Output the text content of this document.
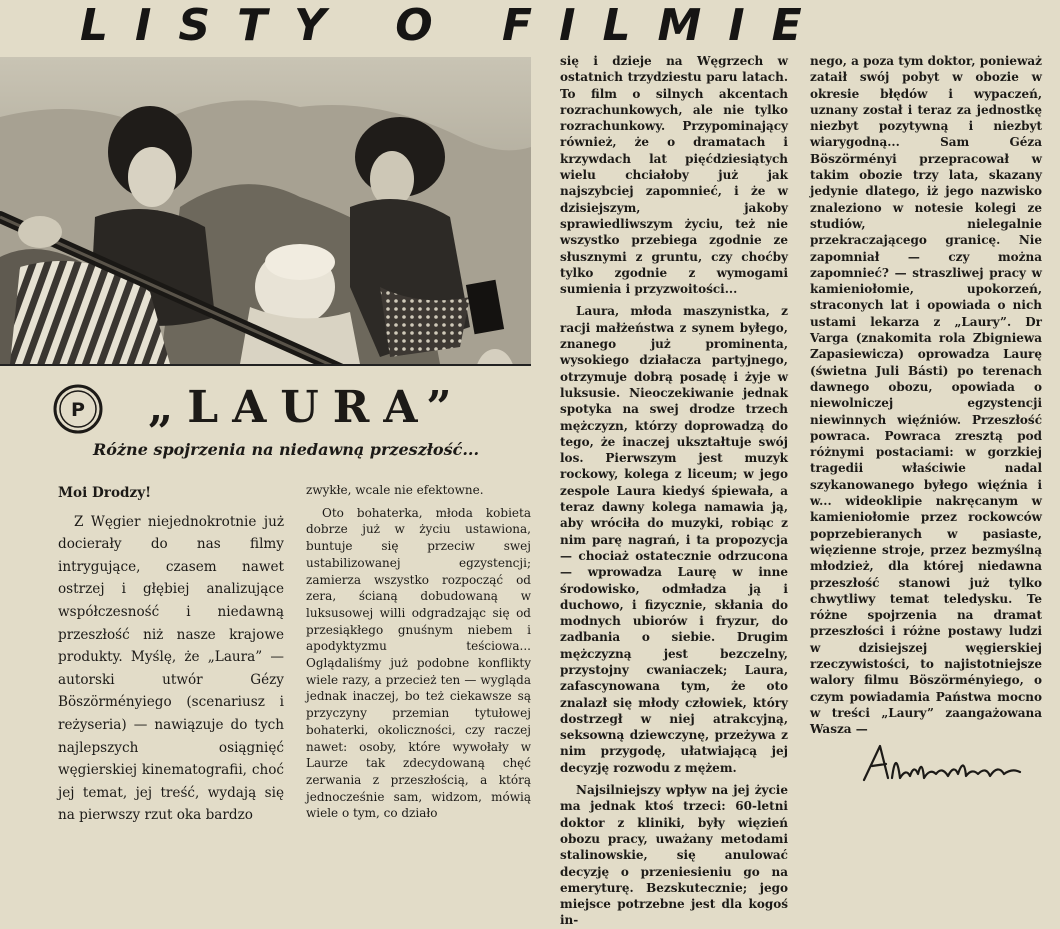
LISTY O FILMIE
P „LAURA”
Różne spojrzenia na niedawną przeszłość...

Moi Drodzy!

Z Węgier niejednokrotnie już docierały do nas filmy intrygujące, czasem nawet ostrzej i głębiej analizujące współczesność i niedawną przeszłość niż nasze krajowe produkty. Myślę, że „Laura” — autorski utwór Gézy Böszörményiego (scenariusz i reżyseria) — nawiązuje do tych najlepszych osiągnięć węgierskiej kinematografii, choć jej temat, jej treść, wydają się na pierwszy rzut oka bardzo

zwykłe, wcale nie efektowne.

Oto bohaterka, młoda kobieta dobrze już w życiu ustawiona, buntuje się przeciw swej ustabilizowanej egzystencji; zamierza wszystko rozpocząć od zera, ścianą dobudowaną w luksusowej willi odgradzając się od przesiąkłego gnuśnym niebem i apodyktyzmu teściowa... Oglądaliśmy już podobne konflikty wiele razy, a przecież ten — wygląda jednak inaczej, bo też ciekawsze są przyczyny przemian tytułowej bohaterki, okoliczności, czy raczej nawet: osoby, które wywołały w Laurze tak zdecydowaną chęć zerwania z przeszłością, a którą jednocześnie sam, widzom, mówią wiele o tym, co działo

się i dzieje na Węgrzech w ostatnich trzydziestu paru latach. To film o silnych akcentach rozrachunkowych, ale nie tylko rozrachunkowy. Przypominający również, że o dramatach i krzywdach lat pięćdziesiątych wielu chciałoby już jak najszybciej zapomnieć, i że w dzisiejszym, jakoby sprawiedliwszym życiu, też nie wszystko przebiega zgodnie ze słusznymi z gruntu, czy choćby tylko zgodnie z wymogami sumienia i przyzwoitości...

Laura, młoda maszynistka, z racji małżeństwa z synem byłego, znanego już prominenta, wysokiego działacza partyjnego, otrzymuje dobrą posadę i żyje w luksusie. Nieoczekiwanie jednak spotyka na swej drodze trzech mężczyzn, którzy doprowadzą do tego, że inaczej ukształtuje swój los. Pierwszym jest muzyk rockowy, kolega z liceum; w jego zespole Laura kiedyś śpiewała, a teraz dawny kolega namawia ją, aby wróciła do muzyki, robiąc z nim parę nagrań, i ta propozycja — chociaż ostatecznie odrzucona — wprowadza Laurę w inne środowisko, odmładza ją i duchowo, i fizycznie, skłania do modnych ubiorów i fryzur, do zadbania o siebie. Drugim mężczyzną jest bezczelny, przystojny cwaniaczek; Laura, zafascynowana tym, że oto znalazł się młody człowiek, który dostrzegł w niej atrakcyjną, seksowną dziewczynę, przeżywa z nim przygodę, ułatwiającą jej decyzję rozwodu z mężem.

Najsilniejszy wpływ na jej życie ma jednak ktoś trzeci: 60-letni doktor z kliniki, były więzień obozu pracy, uważany metodami stalinowskie, się anulować decyzję o przeniesieniu go na emeryturę. Bezskutecznie; jego miejsce potrzebne jest dla kogoś in-

nego, a poza tym doktor, ponieważ zataił swój pobyt w obozie w okresie błędów i wypaczeń, uznany został i teraz za jednostkę niezbyt pozytywną i niezbyt wiarygodną... Sam Géza Böszörményi przepracował w takim obozie trzy lata, skazany jedynie dlatego, iż jego nazwisko znaleziono w notesie kolegi ze studiów, nielegalnie przekraczającego granicę. Nie zapomniał — czy można zapomnieć? — straszliwej pracy w kamieniołomie, upokorzeń, straconych lat i opowiada o nich ustami lekarza z „Laury”. Dr Varga (znakomita rola Zbigniewa Zapasiewicza) oprowadza Laurę (świetna Juli Básti) po terenach dawnego obozu, opowiada o niewolniczej egzystencji niewinnych więźniów. Przeszłość powraca. Powraca zresztą pod różnymi postaciami: w gorzkiej tragedii właściwie nadal szykanowanego byłego więźnia i w... wideoklipie nakręcanym w kamieniołomie przez rockowców poprzebieranych w pasiaste, więzienne stroje, przez bezmyślną młodzież, dla której niedawna przeszłość stanowi już tylko chwytliwy temat teledysku. Te różne spojrzenia na dramat przeszłości i różne postawy ludzi w dzisiejszej węgierskiej rzeczywistości, to najistotniejsze walory filmu Böszörményiego, o czym powiadamia Państwa mocno w treści „Laury” zaangażowana Wasza —
